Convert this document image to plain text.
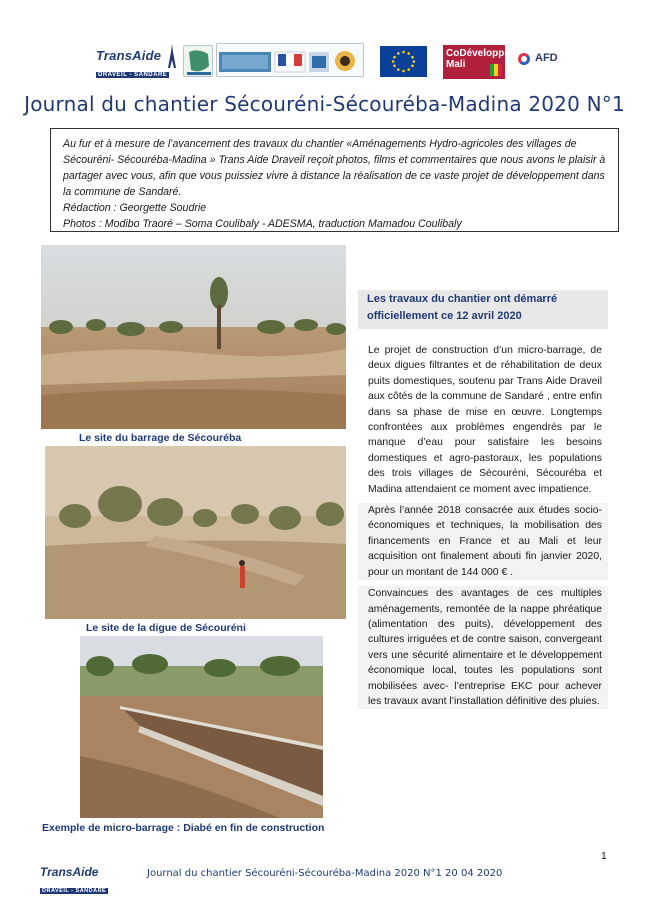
TransAide
DRAVEIL - SANDARE
CoDéveloppement Mali
AFD
Journal du chantier Sécouréni-Sécouréba-Madina 2020 N°1

Au fur et à mesure de l’avancement des travaux du chantier «Aménagements Hydro-agricoles des villages de Sécouréni- Sécouréba-Madina » Trans Aide Draveil reçoit photos, films et commentaires que nous avons le plaisir à partager avec vous, afin que vous puissiez vivre à distance la réalisation de ce vaste projet de développement dans la commune de Sandaré.

Rédaction : Georgette Soudrie

Photos : Modibo Traoré – Soma Coulibaly - ADESMA, traduction Mamadou Coulibaly

Le site du barrage de Sécouréba
Le site de la digue de Sécouréni
Exemple de micro-barrage : Diabé en fin de construction
Les travaux du chantier ont démarré officiellement ce 12 avril 2020

Le projet de construction d’un micro-barrage, de deux digues filtrantes et de réhabilitation de deux puits domestiques, soutenu par Trans Aide Draveil aux côtés de la commune de Sandaré , entre enfin dans sa phase de mise en œuvre. Longtemps confrontées aux problèmes engendrés par le manque d’eau pour satisfaire les besoins domestiques et agro-pastoraux, les populations des trois villages de Sécouréni, Sécouréba et Madina attendaient ce moment avec impatience.

Après l’année 2018 consacrée aux études socio-économiques et techniques, la mobilisation des financements en France et au Mali et leur acquisition ont finalement abouti fin janvier 2020, pour un montant de 144 000 € .

Convaincues des avantages de ces multiples aménagements, remontée de la nappe phréatique (alimentation des puits), développement des cultures irriguées et de contre saison, convergeant vers une sécurité alimentaire et le développement économique local, toutes les populations sont mobilisées avec- l’entreprise EKC pour achever les travaux avant l’installation définitive des pluies.

1
TransAide
DRAVEIL - SANDARE
Journal du chantier Sécouréni-Sécouréba-Madina 2020 N°1 20 04 2020
